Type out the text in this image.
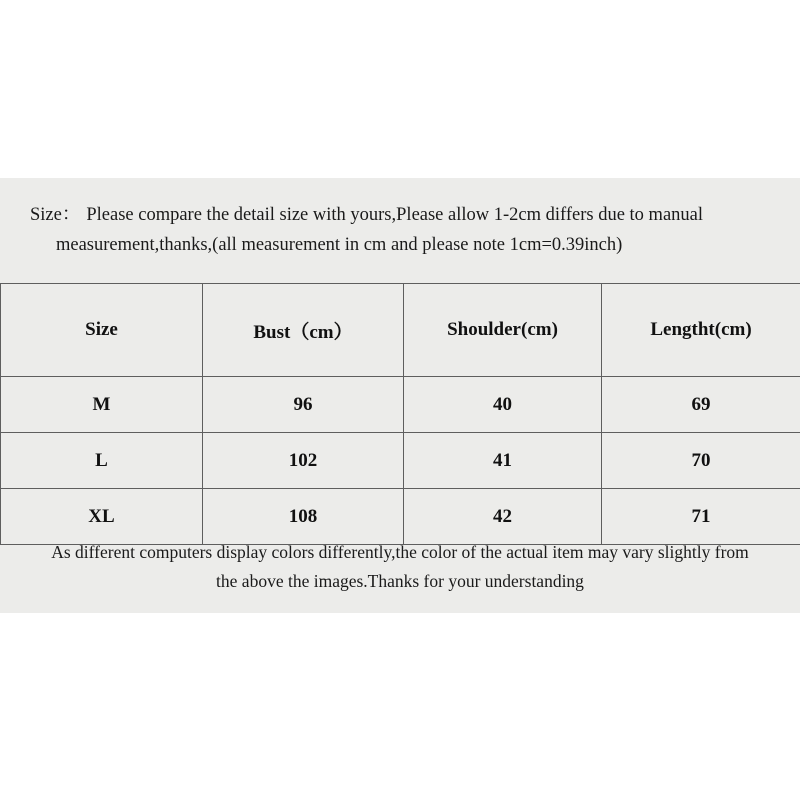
Size： Please compare the detail size with yours,Please allow 1-2cm differs due to manual
measurement,thanks,(all measurement in cm and please note 1cm=0.39inch)
Size	Bust（cm）	Shoulder(cm)	Lengtht(cm)
M	96	40	69
L	102	41	70
XL	108	42	71
As different computers display colors differently,the color of the actual item may vary slightly from
the above the images.Thanks for your understanding
